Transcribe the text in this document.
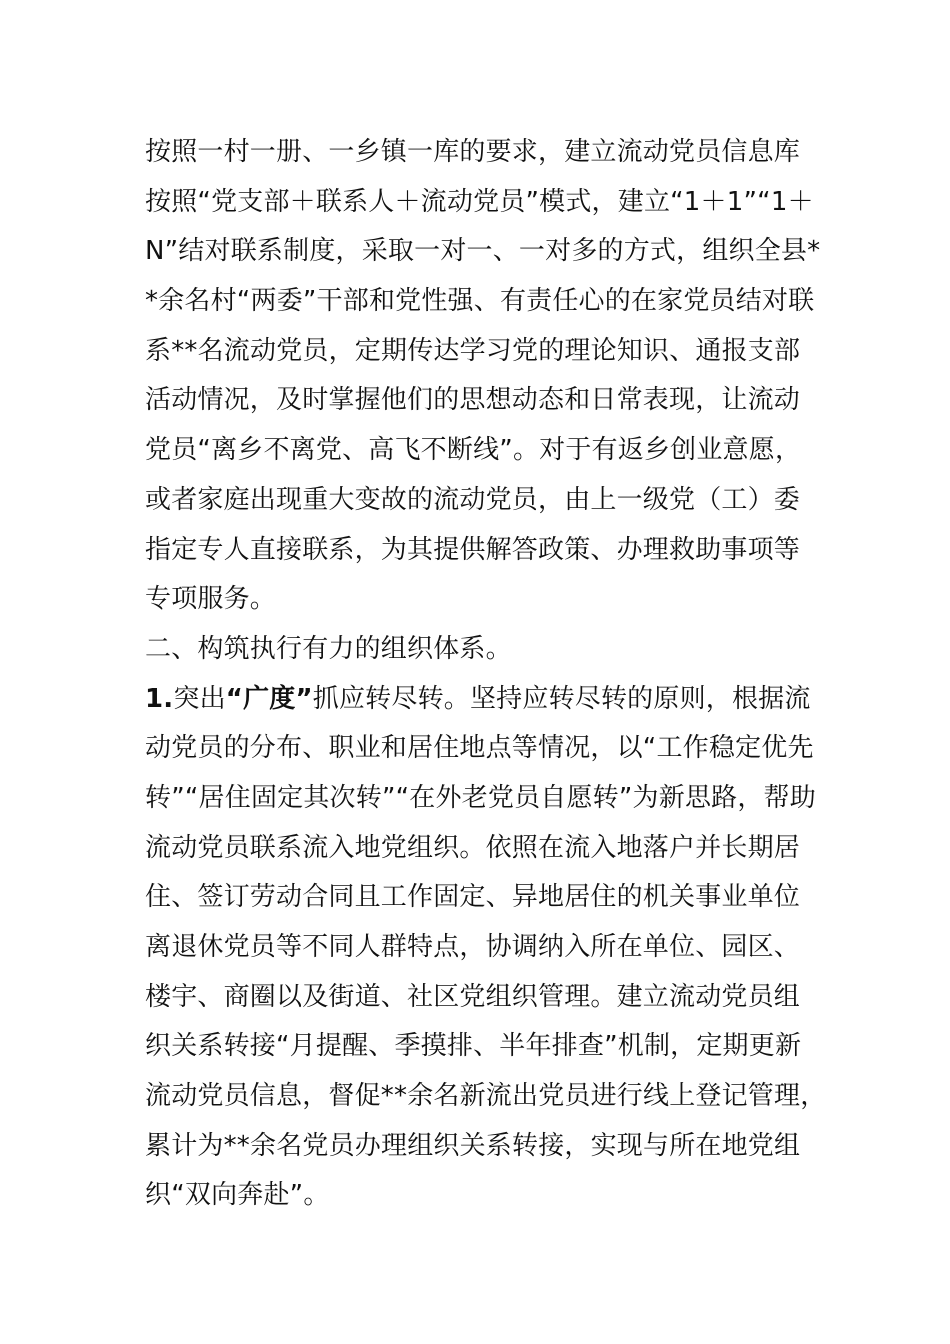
按照一村一册、一乡镇一库的要求，建立流动党员信息库
按照“党支部＋联系人＋流动党员”模式，建立“1＋1”“1＋
N”结对联系制度，采取一对一、一对多的方式，组织全县*
*余名村“两委”干部和党性强、有责任心的在家党员结对联
系**名流动党员，定期传达学习党的理论知识、通报支部
活动情况，及时掌握他们的思想动态和日常表现，让流动
党员“离乡不离党、高飞不断线”。对于有返乡创业意愿，
或者家庭出现重大变故的流动党员，由上一级党（工）委
指定专人直接联系，为其提供解答政策、办理救助事项等
专项服务。
二、构筑执行有力的组织体系。
1.突出“广度”抓应转尽转。坚持应转尽转的原则，根据流
动党员的分布、职业和居住地点等情况，以“工作稳定优先
转”“居住固定其次转”“在外老党员自愿转”为新思路，帮助
流动党员联系流入地党组织。依照在流入地落户并长期居
住、签订劳动合同且工作固定、异地居住的机关事业单位
离退休党员等不同人群特点，协调纳入所在单位、园区、
楼宇、商圈以及街道、社区党组织管理。建立流动党员组
织关系转接“月提醒、季摸排、半年排查”机制，定期更新
流动党员信息，督促**余名新流出党员进行线上登记管理，
累计为**余名党员办理组织关系转接，实现与所在地党组
织“双向奔赴”。
